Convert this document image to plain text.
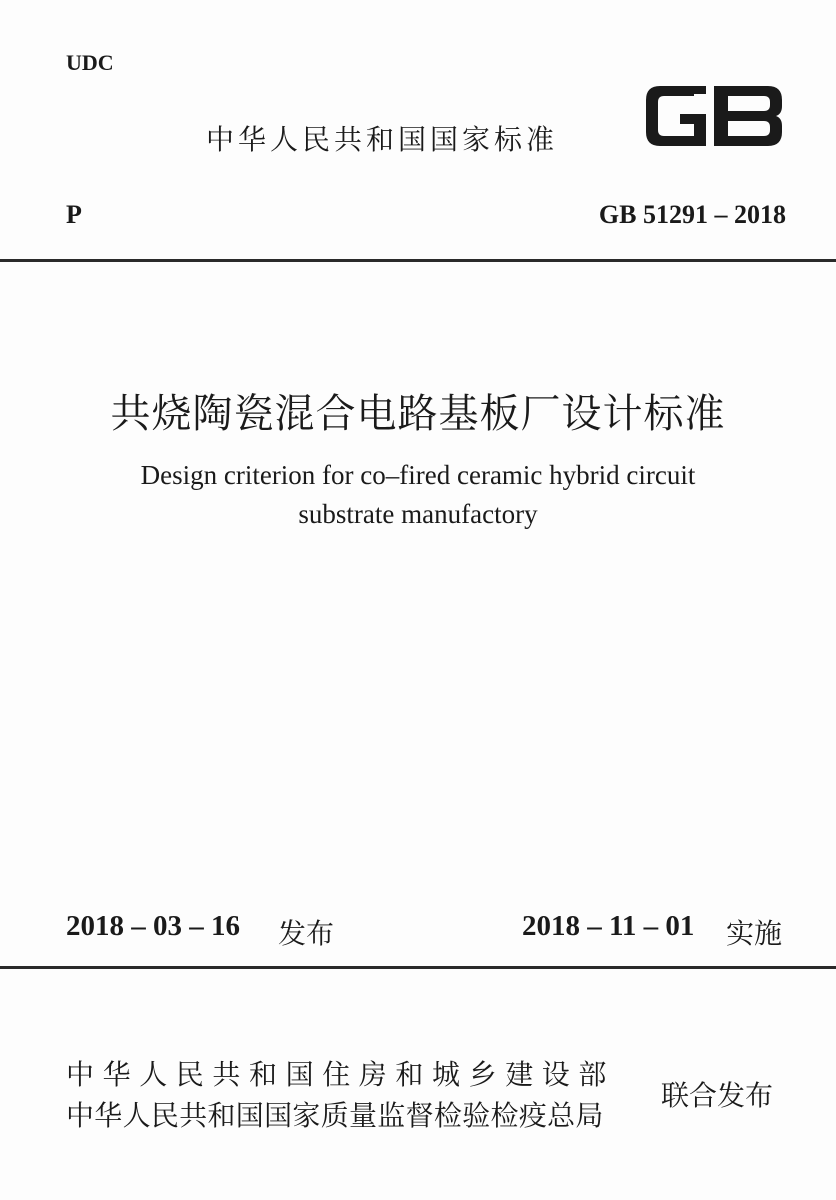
UDC
中华人民共和国国家标准
P	GB 51291 – 2018
共烧陶瓷混合电路基板厂设计标准
Design criterion for co–fired ceramic hybrid circuit
substrate manufactory
2018 – 03 – 16 发布	2018 – 11 – 01 实施
中华人民共和国住房和城乡建设部
中华人民共和国国家质量监督检验检疫总局
联合发布
